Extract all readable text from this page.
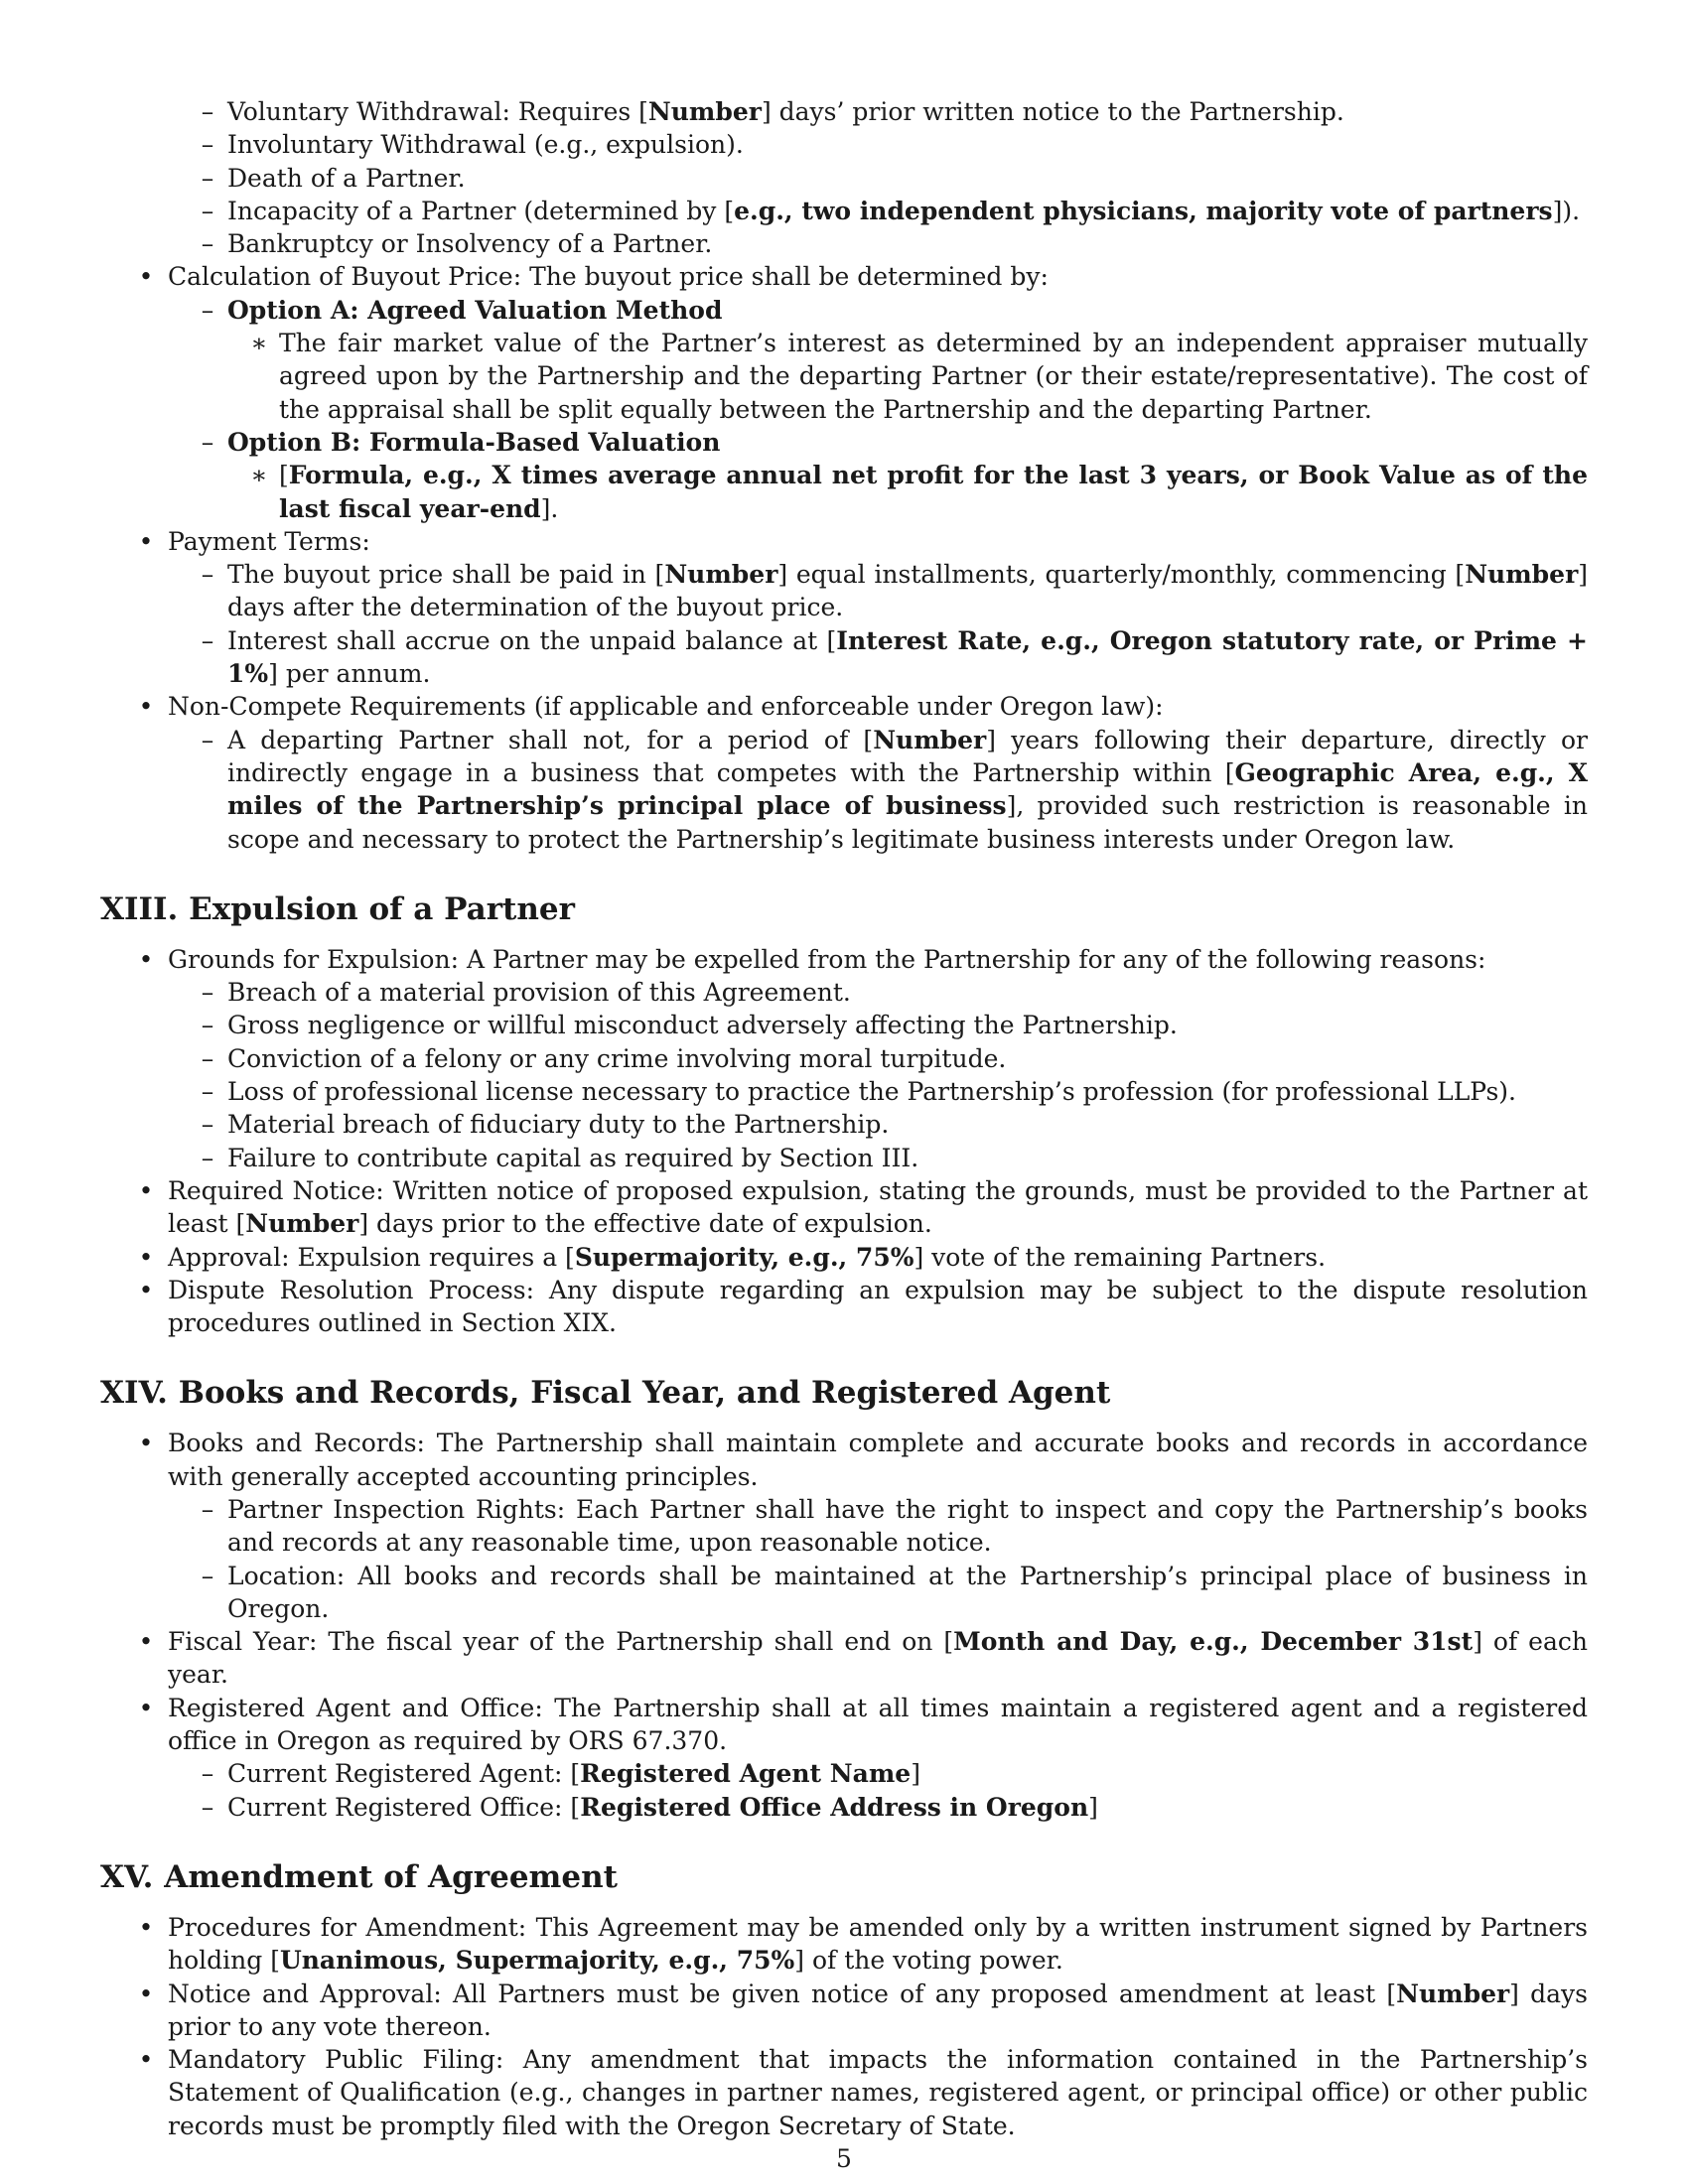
– Voluntary Withdrawal: Requires [Number] days’ prior written notice to the Partnership.
– Involuntary Withdrawal (e.g., expulsion).
– Death of a Partner.
– Incapacity of a Partner (determined by [e.g., two independent physicians, majority vote of partners]).
– Bankruptcy or Insolvency of a Partner.
• Calculation of Buyout Price: The buyout price shall be determined by:
– Option A: Agreed Valuation Method
∗ The fair market value of the Partner’s interest as determined by an independent appraiser mutually agreed upon by the Partnership and the departing Partner (or their estate/representative). The cost of the appraisal shall be split equally between the Partnership and the departing Partner.
– Option B: Formula-Based Valuation
∗ [Formula, e.g., X times average annual net profit for the last 3 years, or Book Value as of the last fiscal year-end].
• Payment Terms:
– The buyout price shall be paid in [Number] equal installments, quarterly/monthly, commencing [Number] days after the determination of the buyout price.
– Interest shall accrue on the unpaid balance at [Interest Rate, e.g., Oregon statutory rate, or Prime + 1%] per annum.
• Non-Compete Requirements (if applicable and enforceable under Oregon law):
– A departing Partner shall not, for a period of [Number] years following their departure, directly or indirectly engage in a business that competes with the Partnership within [Geographic Area, e.g., X miles of the Partnership’s principal place of business], provided such restriction is reasonable in scope and necessary to protect the Partnership’s legitimate business interests under Oregon law.
XIII. Expulsion of a Partner
• Grounds for Expulsion: A Partner may be expelled from the Partnership for any of the following reasons:
– Breach of a material provision of this Agreement.
– Gross negligence or willful misconduct adversely affecting the Partnership.
– Conviction of a felony or any crime involving moral turpitude.
– Loss of professional license necessary to practice the Partnership’s profession (for professional LLPs).
– Material breach of fiduciary duty to the Partnership.
– Failure to contribute capital as required by Section III.
• Required Notice: Written notice of proposed expulsion, stating the grounds, must be provided to the Partner at least [Number] days prior to the effective date of expulsion.
• Approval: Expulsion requires a [Supermajority, e.g., 75%] vote of the remaining Partners.
• Dispute Resolution Process: Any dispute regarding an expulsion may be subject to the dispute resolution procedures outlined in Section XIX.
XIV. Books and Records, Fiscal Year, and Registered Agent
• Books and Records: The Partnership shall maintain complete and accurate books and records in accordance with generally accepted accounting principles.
– Partner Inspection Rights: Each Partner shall have the right to inspect and copy the Partnership’s books and records at any reasonable time, upon reasonable notice.
– Location: All books and records shall be maintained at the Partnership’s principal place of business in Oregon.
• Fiscal Year: The fiscal year of the Partnership shall end on [Month and Day, e.g., December 31st] of each year.
• Registered Agent and Office: The Partnership shall at all times maintain a registered agent and a registered office in Oregon as required by ORS 67.370.
– Current Registered Agent: [Registered Agent Name]
– Current Registered Office: [Registered Office Address in Oregon]
XV. Amendment of Agreement
• Procedures for Amendment: This Agreement may be amended only by a written instrument signed by Partners holding [Unanimous, Supermajority, e.g., 75%] of the voting power.
• Notice and Approval: All Partners must be given notice of any proposed amendment at least [Number] days prior to any vote thereon.
• Mandatory Public Filing: Any amendment that impacts the information contained in the Partnership’s Statement of Qualification (e.g., changes in partner names, registered agent, or principal office) or other public records must be promptly filed with the Oregon Secretary of State.
5
